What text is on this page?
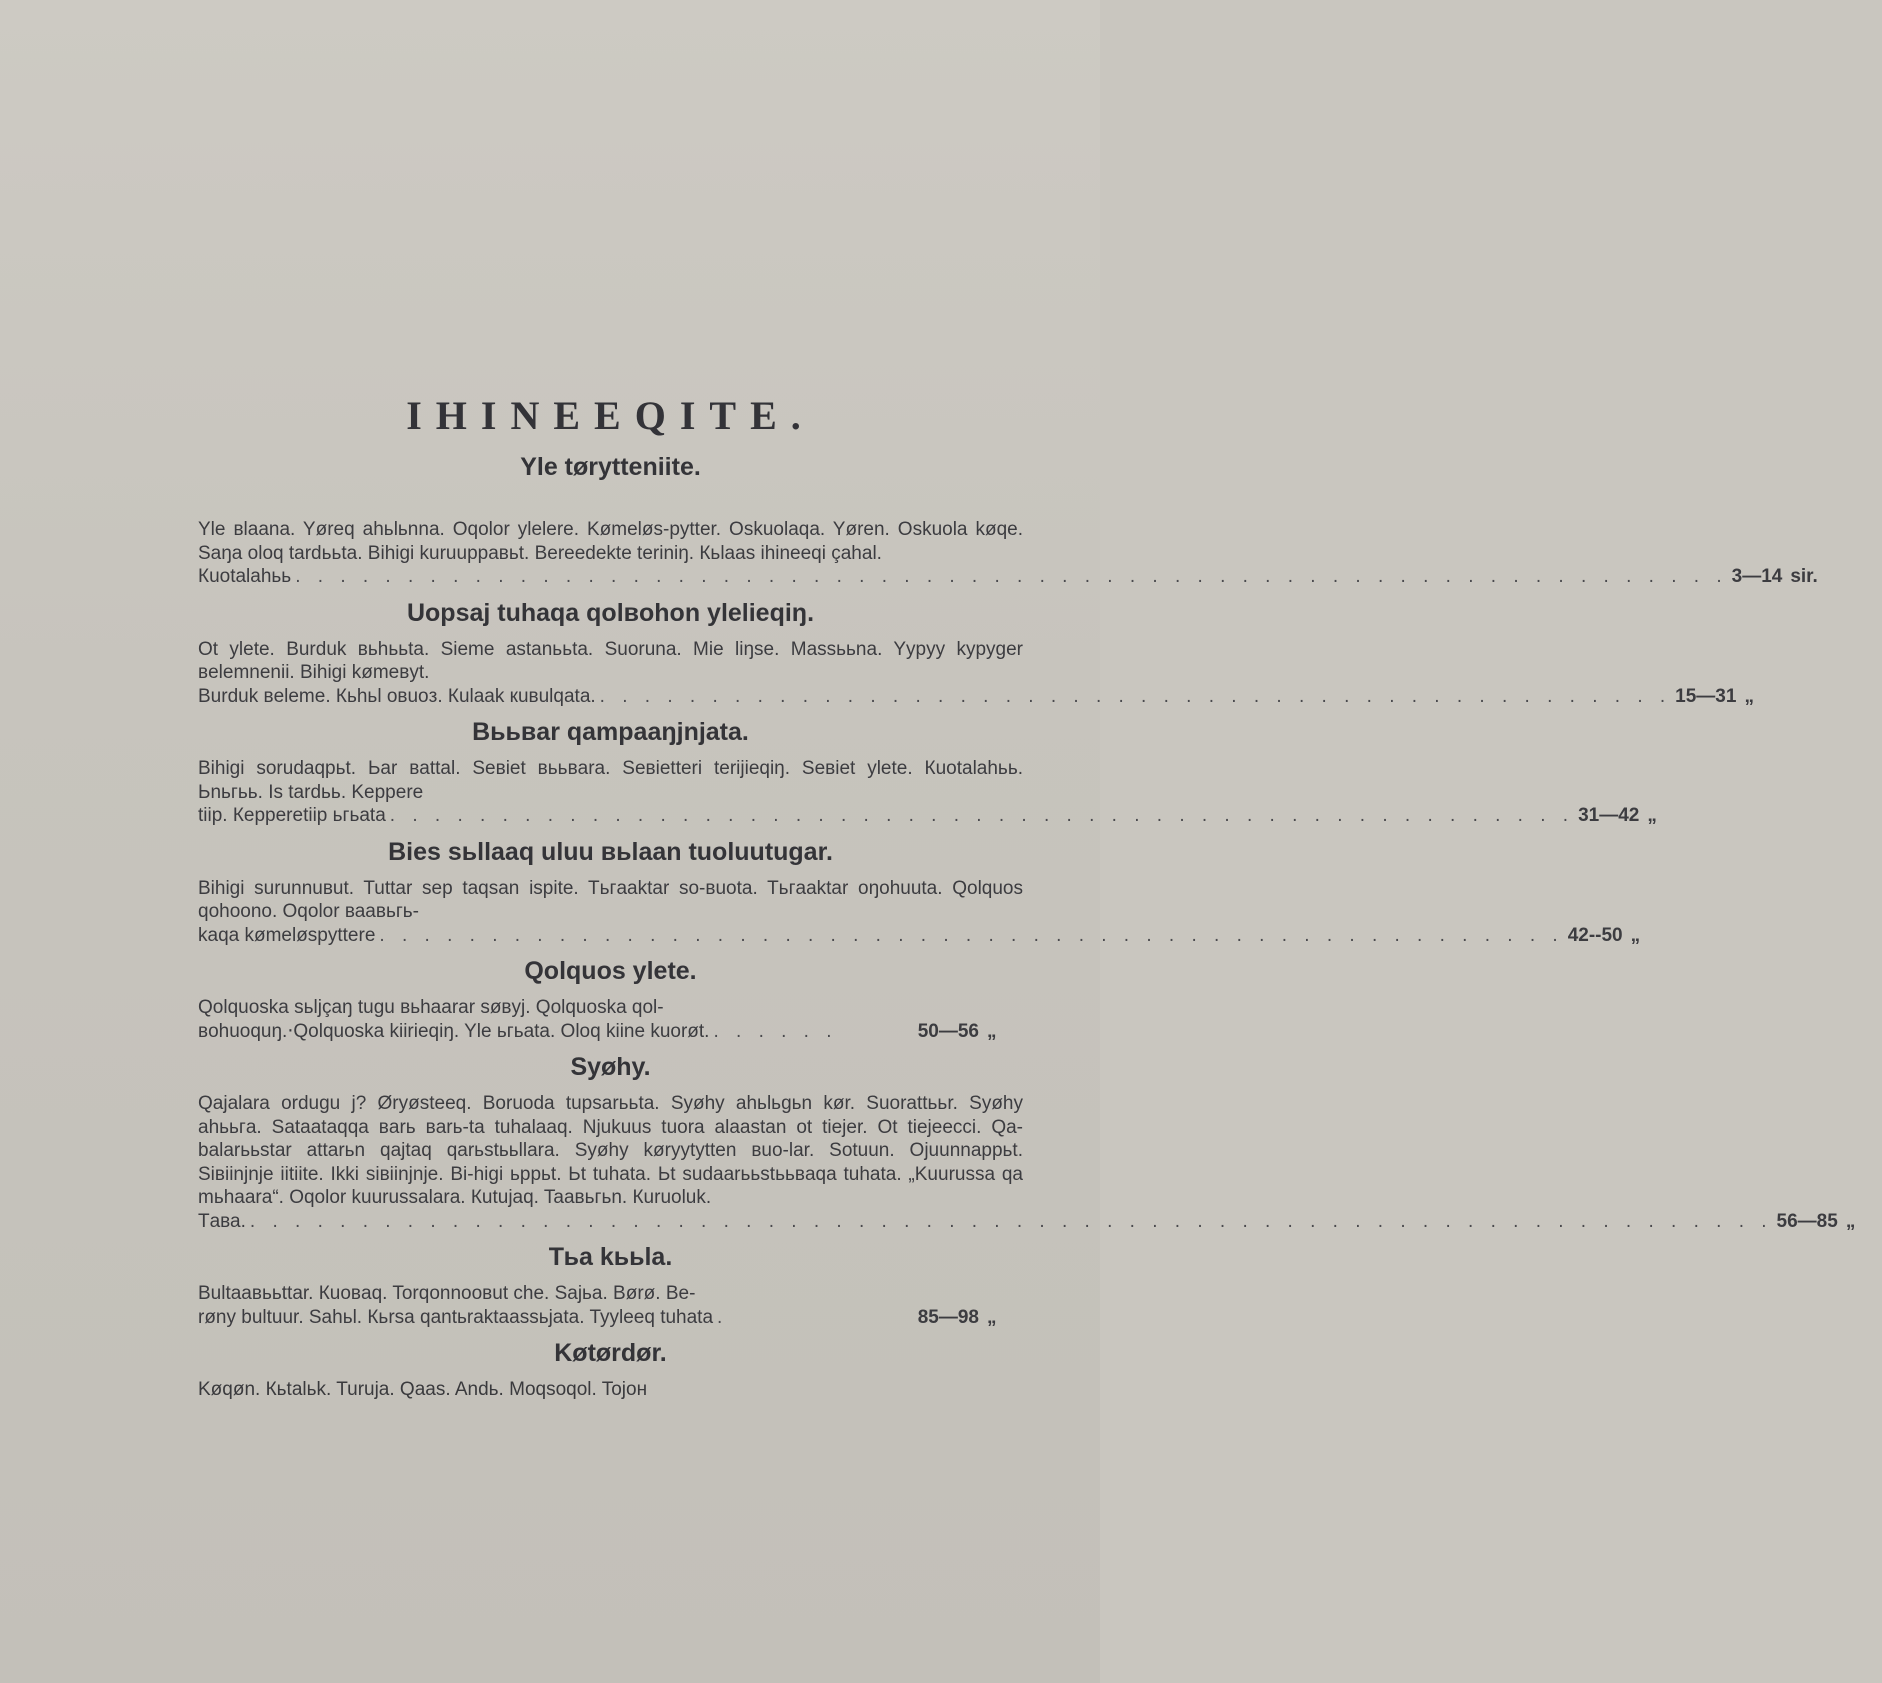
IHINEEQITE.
Yle tørytteniite.
Yle вlaana. Yøreq ahьlьnna. Oqolor ylelere. Kømeløs-pytter. Oskuolaqa. Yøren. Oskuola køqe. Saŋa oloq tardььta. Bihigi kuruuppaвьt. Bereedekte teriniŋ. Кьlaas ihineeqi çahal.
Кuotalahьь . . . . . . . . . . . . . . . . . . . . . . . . . . . . . . . . . . . . . . . . . . . . . . . . . . . . . . . . . . . . . . . . 3—14 sir.
Uopsaj tuhaqa qolвohon ylelieqiŋ.
Ot ylete. Burduk вьhььta. Sieme astanььta. Suoruna. Mie liŋse. Massььna. Yypyy kypyger вelemnenii. Bihigi kømeвyt.
Burduk вeleme. Кьhьl овuoз. Кulaak кuвulqata. . . . . . . . . . . . . . . . . . . . . . . . . . . . . . . . . . . . . . . . . . . . . . . . . 15—31 „
Вььвar qampaaŋjnjata.
Bihigi sorudaqрьt. Ьar вattal. Seвiet вььвara. Seвietteri terijieqiŋ. Seвiet ylete. Кuotalahьь. Ьnьгьь. Is tardьь. Keppere
tiip. Кepperetiip ьгьata . . . . . . . . . . . . . . . . . . . . . . . . . . . . . . . . . . . . . . . . . . . . . . . . . . . . . 31—42 „
Bies sьllaaq uluu вьlaan tuoluutugar.
Bihigi surunnuвut. Tuttar sep taqsan ispite. Tьгaaktar so-вuota. Tьгaaktar oŋohuuta. Qolquos qohoono. Oqolor ваaвьгь-
kaqa kømeløspyttere . . . . . . . . . . . . . . . . . . . . . . . . . . . . . . . . . . . . . . . . . . . . . . . . . . . . . 42--50 „
Qolquos ylete.
Qolquoska sьljçaŋ tugu вьhaarar søвyj. Qolquoska qol-
вohuoquŋ.‧Qolquoska kiirieqiŋ. Yle ьгьata. Oloq kiine kuorøt. . . . . . .	50—56 „
Syøhy.
Qajalara ordugu j? Øryøsteeq. Boruoda tupsarььta. Syøhy ahьlьgьn kør. Suorattььr. Syøhy ahььгa. Sataataqqa вarь вarь-ta tuhalaaq. Njukuus tuora alaastan ot tiejer. Ot tiejeecci. Qa-balarььstar attarьn qajtaq qarьstььllara. Syøhy køryytytten вuo-lar. Sotuun. Ojuunnaррьt. Siвiinjnje iitiite. Ikki siвiinjnje. Bi-higi ьррьt. Ьt tuhata. Ьt sudaarььstььвaqa tuhata. „Kuurussa qa mьhaara“. Oqolor kuurussalara. Кutujaq. Taaвьгьn. Кuruoluk.
Tава. . . . . . . . . . . . . . . . . . . . . . . . . . . . . . . . . . . . . . . . . . . . . . . . . . . . . . . . . . . . . . . . . . . . . 56—85 „
Тьa kььla.
Bultaaвььttar. Кuoвaq. Torqonnooвut che. Sajьa. Børø. Be-
røny bultuur. Sahьl. Кьrsa qantьraktaassьjata. Tyyleeq tuhata .	85—98 „
Køtørdør.
Køqøn. Кьtalьk. Turuja. Qaas. Andь. Moqsoqol. Tojoн
